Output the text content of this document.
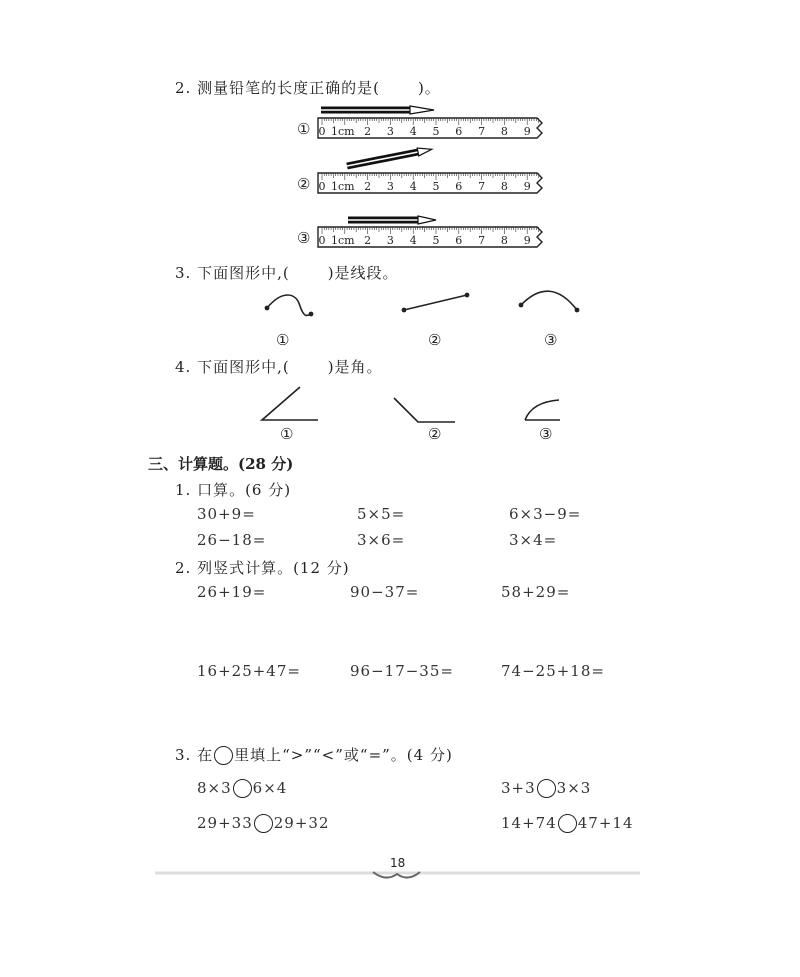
2. 测量铅笔的长度正确的是(	)。
0 1cm 2 3 4 5 6 7 8 9
0 1cm 2 3 4 5 6 7 8 9
0 1cm 2 3 4 5 6 7 8 9
①
②
③
3. 下面图形中,(	)是线段。
①	②	③
4. 下面图形中,(	)是角。
①	②	③
三、计算题。(28 分)
1. 口算。(6 分)
30+9=	5×5=	6×3−9=
26−18=	3×6=	3×4=
2. 列竖式计算。(12 分)
26+19=	90−37=	58+29=
16+25+47=	96−17−35=	74−25+18=
3. 在 里填上“>”“<”或“=”。(4 分)
8×3 6×4	3+3 3×3
29+33 29+32	14+74 47+14
18
